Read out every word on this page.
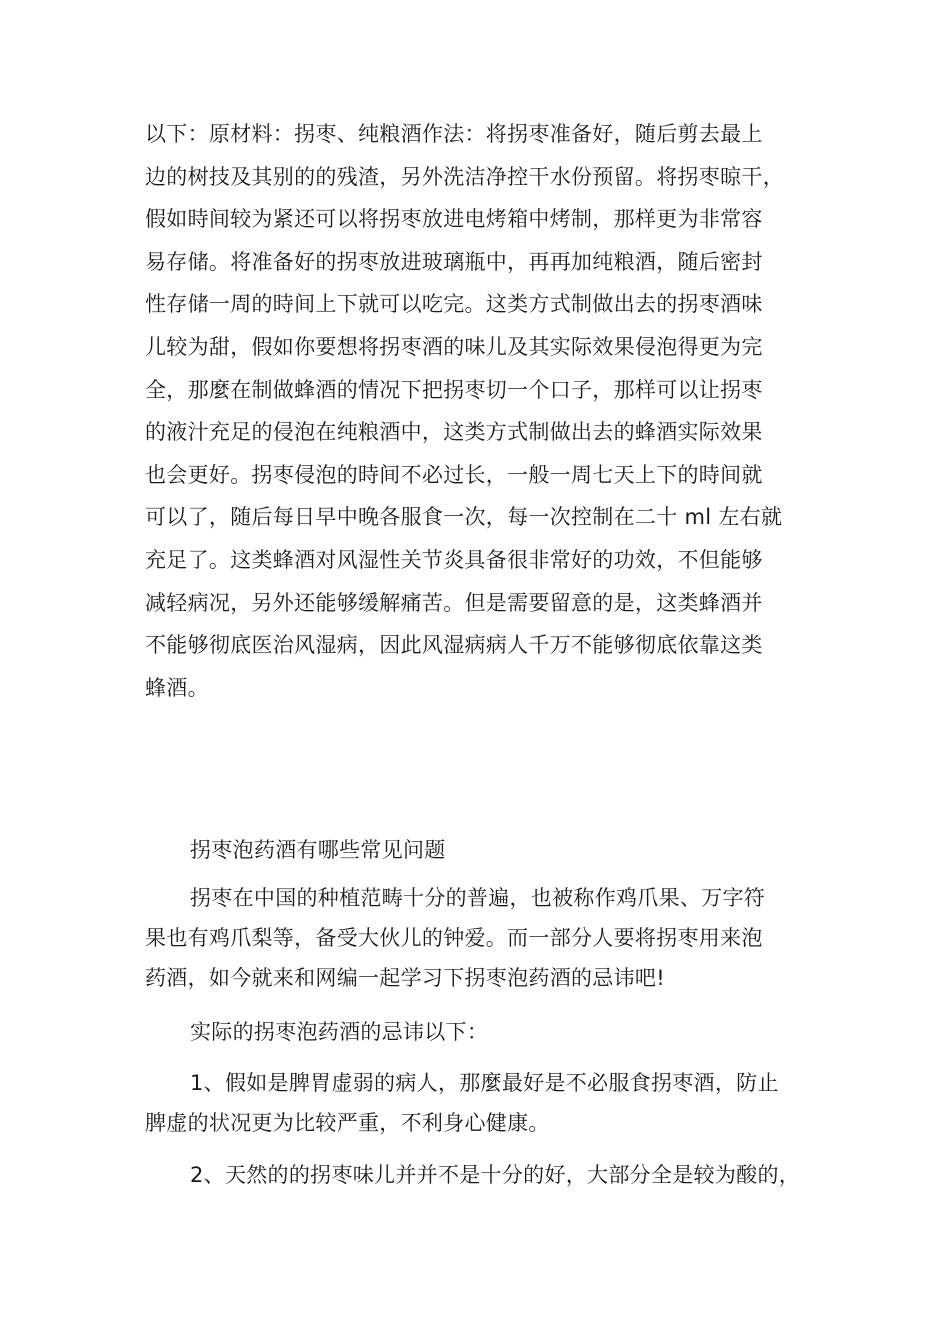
以下：原材料：拐枣、纯粮酒作法：将拐枣准备好，随后剪去最上
边的树技及其别的的残渣，另外洗洁净控干水份预留。将拐枣晾干，
假如時间较为紧还可以将拐枣放进电烤箱中烤制，那样更为非常容
易存储。将准备好的拐枣放进玻璃瓶中，再再加纯粮酒，随后密封
性存储一周的時间上下就可以吃完。这类方式制做出去的拐枣酒味
儿较为甜，假如你要想将拐枣酒的味儿及其实际效果侵泡得更为完
全，那麼在制做蜂酒的情况下把拐枣切一个口子，那样可以让拐枣
的液汁充足的侵泡在纯粮酒中，这类方式制做出去的蜂酒实际效果
也会更好。拐枣侵泡的時间不必过长，一般一周七天上下的時间就
可以了，随后每日早中晚各服食一次，每一次控制在二十 ml 左右就
充足了。这类蜂酒对风湿性关节炎具备很非常好的功效，不但能够
减轻病况，另外还能够缓解痛苦。但是需要留意的是，这类蜂酒并
不能够彻底医治风湿病，因此风湿病病人千万不能够彻底依靠这类
蜂酒。

拐枣泡药酒有哪些常见问题

拐枣在中国的种植范畴十分的普遍，也被称作鸡爪果、万字符
果也有鸡爪梨等，备受大伙儿的钟爱。而一部分人要将拐枣用来泡
药酒，如今就来和网编一起学习下拐枣泡药酒的忌讳吧!
实际的拐枣泡药酒的忌讳以下：
1、假如是脾胃虚弱的病人，那麼最好是不必服食拐枣酒，防止
脾虚的状况更为比较严重，不利身心健康。
2、天然的的拐枣味儿并并不是十分的好，大部分全是较为酸的，
